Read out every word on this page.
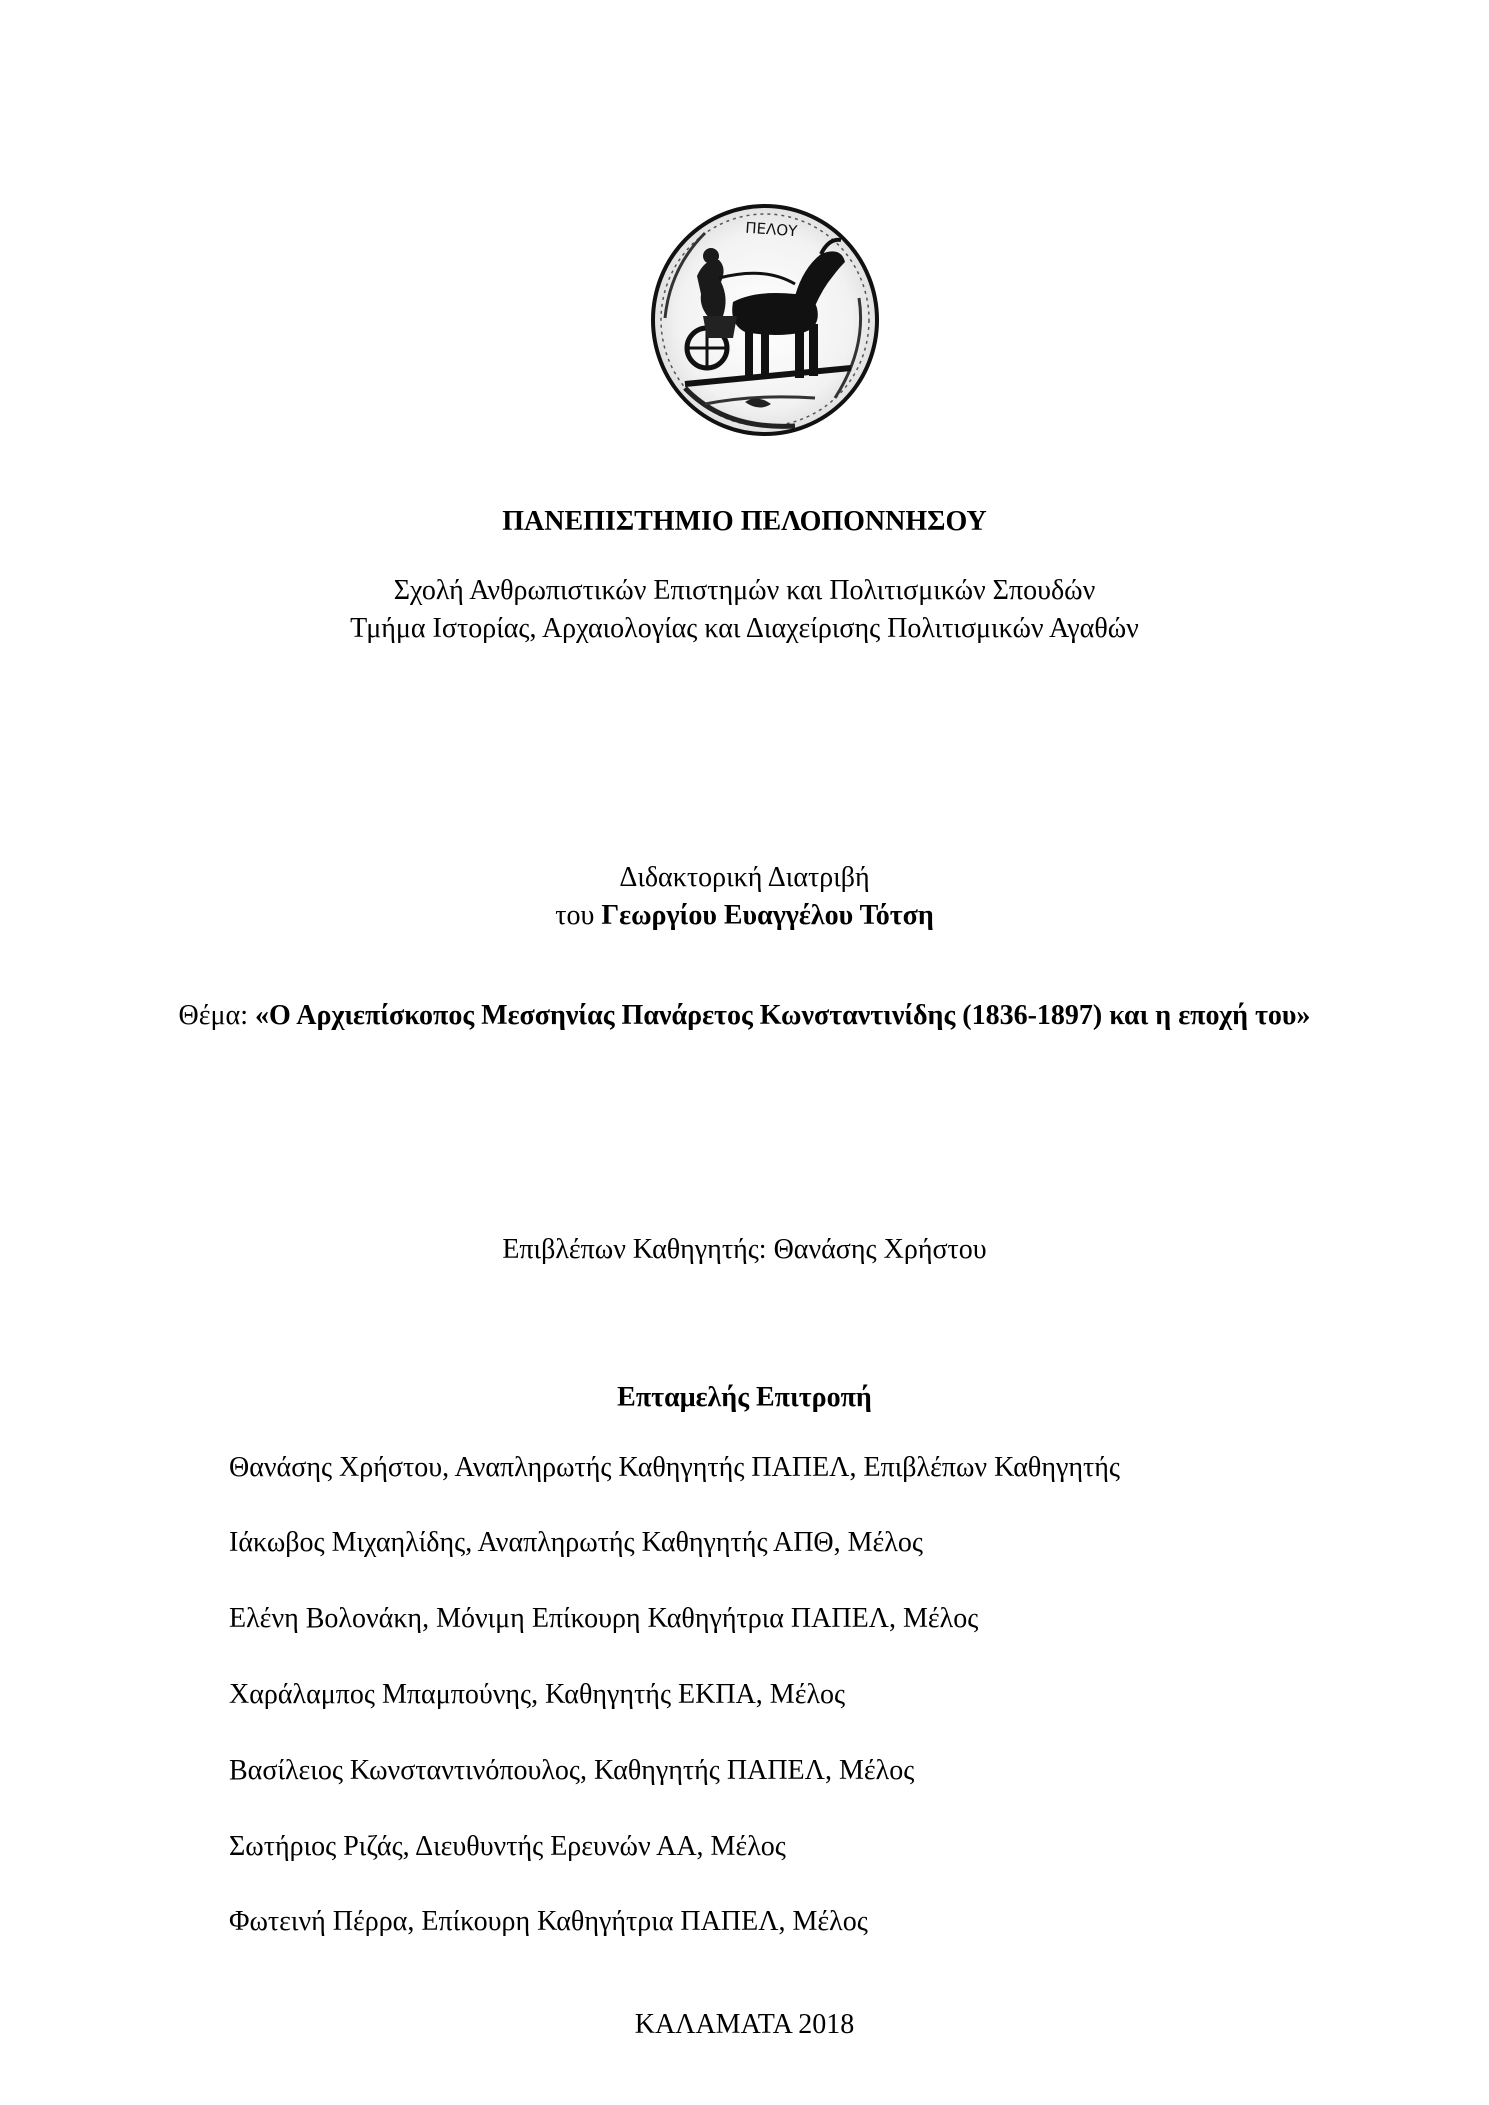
ΠΕΛΟΥ
ΠΑΝΕΠΙΣΤΗΜΙΟ ΠΕΛΟΠΟΝΝΗΣΟΥ
Σχολή Ανθρωπιστικών Επιστημών και Πολιτισμικών Σπουδών
Τμήμα Ιστορίας, Αρχαιολογίας και Διαχείρισης Πολιτισμικών Αγαθών
Διδακτορική Διατριβή
του Γεωργίου Ευαγγέλου Τότση
Θέμα: «Ο Αρχιεπίσκοπος Μεσσηνίας Πανάρετος Κωνσταντινίδης (1836-1897) και η εποχή του»
Επιβλέπων Καθηγητής: Θανάσης Χρήστου
Επταμελής Επιτροπή
Θανάσης Χρήστου, Αναπληρωτής Καθηγητής ΠΑΠΕΛ, Επιβλέπων Καθηγητής
Ιάκωβος Μιχαηλίδης, Αναπληρωτής Καθηγητής ΑΠΘ, Μέλος
Ελένη Βολονάκη, Μόνιμη Επίκουρη Καθηγήτρια ΠΑΠΕΛ, Μέλος
Χαράλαμπος Μπαμπούνης, Καθηγητής ΕΚΠΑ, Μέλος
Βασίλειος Κωνσταντινόπουλος, Καθηγητής ΠΑΠΕΛ, Μέλος
Σωτήριος Ριζάς, Διευθυντής Ερευνών ΑΑ, Μέλος
Φωτεινή Πέρρα, Επίκουρη Καθηγήτρια ΠΑΠΕΛ, Μέλος
ΚΑΛΑΜΑΤΑ 2018
